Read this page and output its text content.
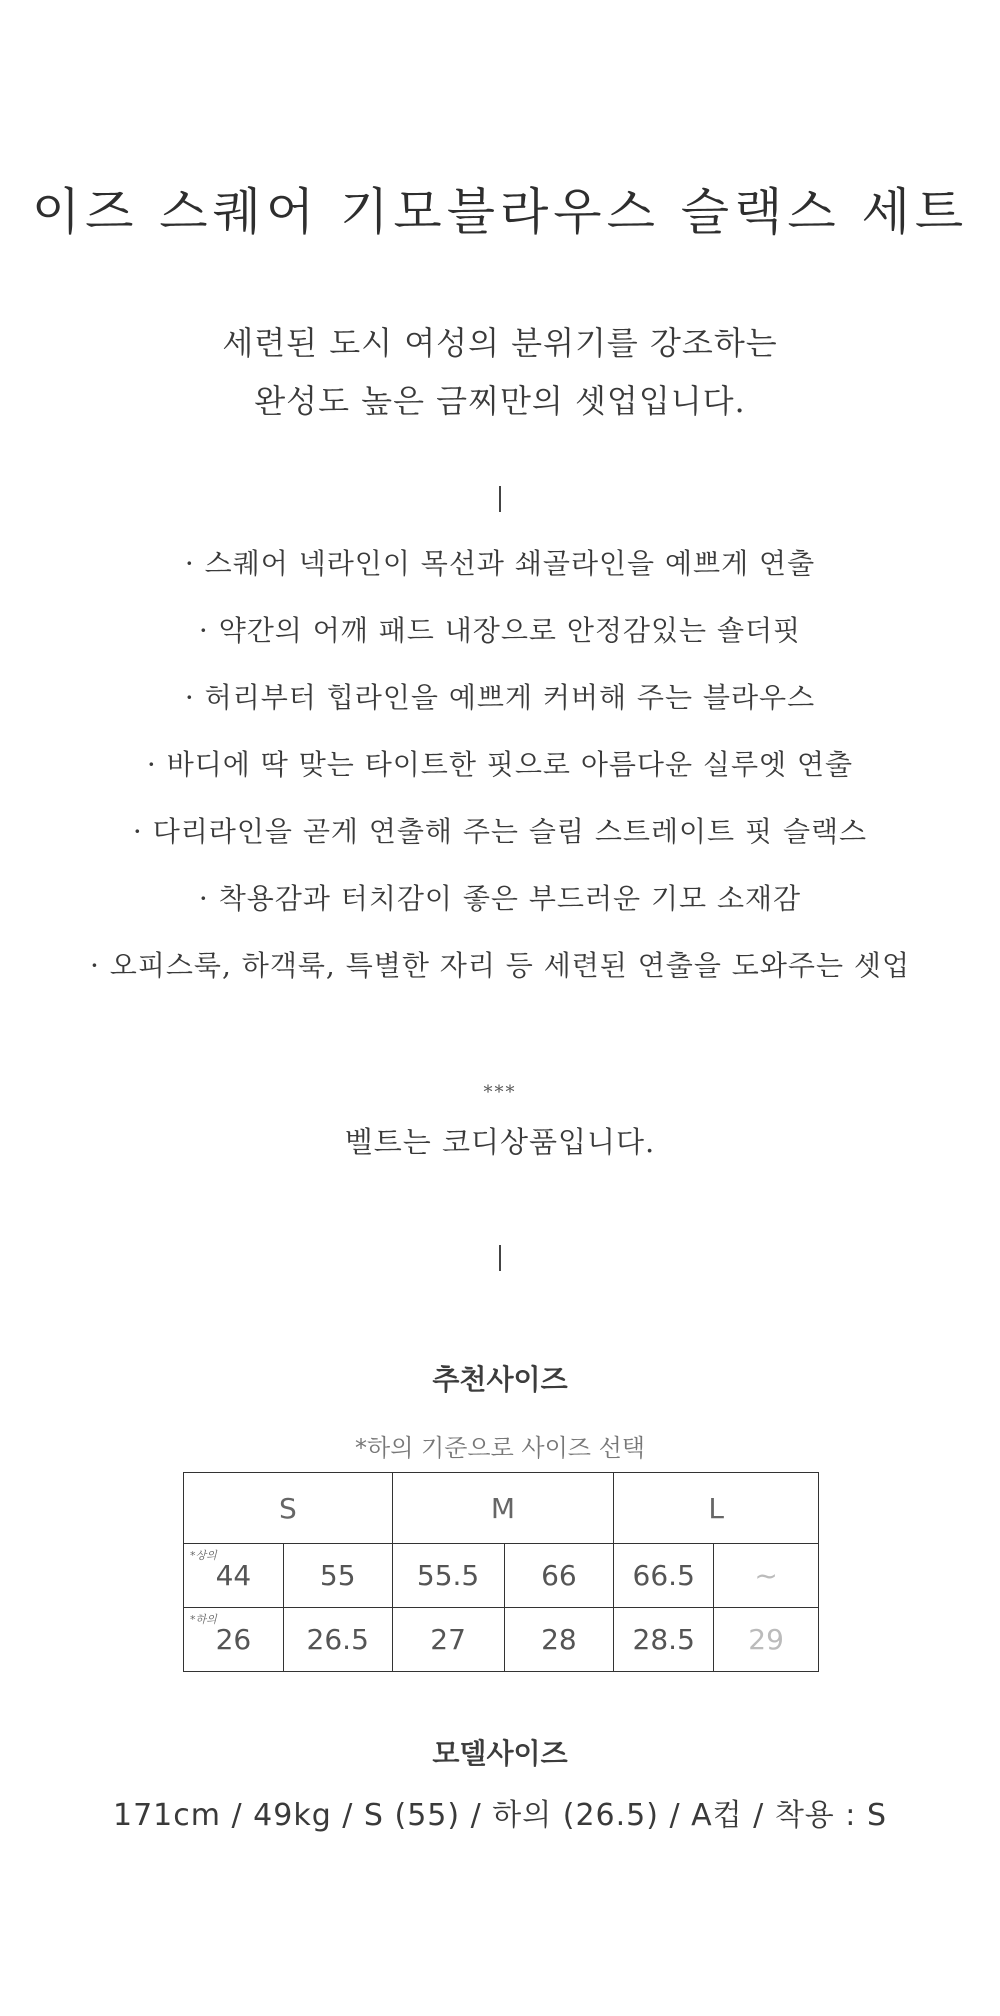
이즈 스퀘어 기모블라우스 슬랙스 세트
세련된 도시 여성의 분위기를 강조하는
완성도 높은 금찌만의 셋업입니다.
· 스퀘어 넥라인이 목선과 쇄골라인을 예쁘게 연출
· 약간의 어깨 패드 내장으로 안정감있는 숄더핏
· 허리부터 힙라인을 예쁘게 커버해 주는 블라우스
· 바디에 딱 맞는 타이트한 핏으로 아름다운 실루엣 연출
· 다리라인을 곧게 연출해 주는 슬림 스트레이트 핏 슬랙스
· 착용감과 터치감이 좋은 부드러운 기모 소재감
· 오피스룩, 하객룩, 특별한 자리 등 세련된 연출을 도와주는 셋업
***
벨트는 코디상품입니다.
추천사이즈
*하의 기준으로 사이즈 선택
S		M		L	

*상의
44	55	55.5	66	66.5	~

*하의
26	26.5	27	28	28.5	29
모델사이즈
171cm / 49kg / S (55) / 하의 (26.5) / A컵 / 착용 : S
